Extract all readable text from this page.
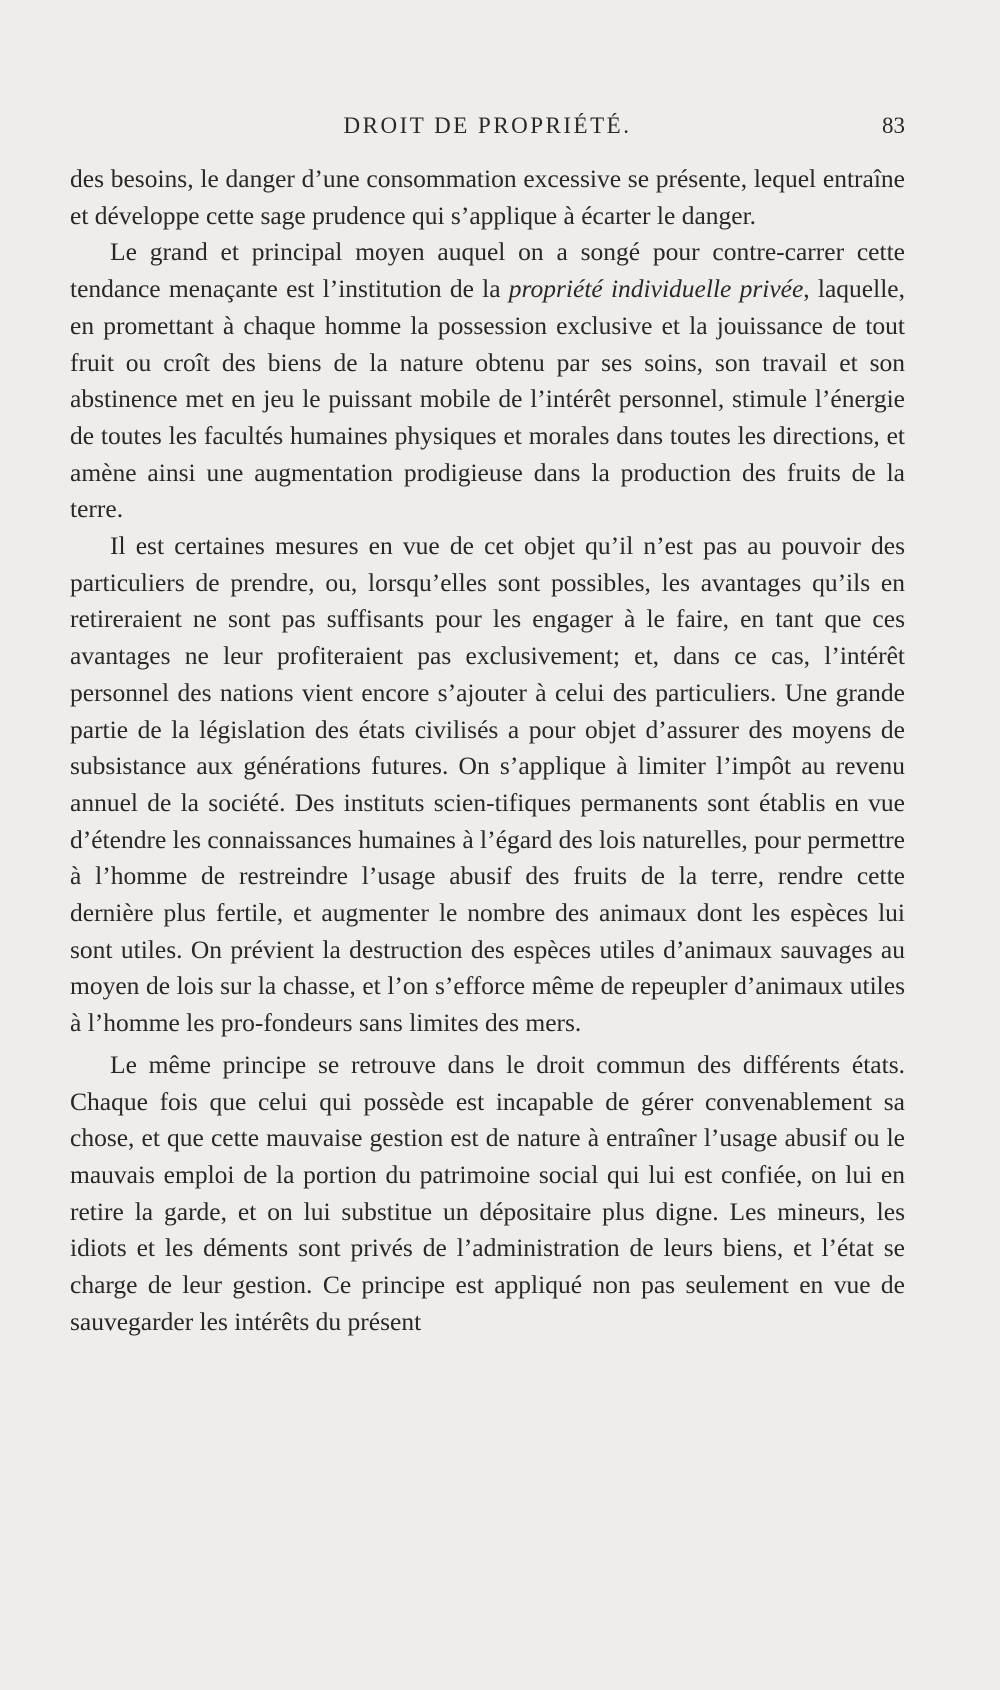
DROIT DE PROPRIÉTÉ.	83

des besoins, le danger d’une consommation excessive se présente, lequel entraîne et développe cette sage prudence qui s’applique à écarter le danger.

Le grand et principal moyen auquel on a songé pour contre-carrer cette tendance menaçante est l’institution de la propriété individuelle privée, laquelle, en promettant à chaque homme la possession exclusive et la jouissance de tout fruit ou croît des biens de la nature obtenu par ses soins, son travail et son abstinence met en jeu le puissant mobile de l’intérêt personnel, stimule l’énergie de toutes les facultés humaines physiques et morales dans toutes les directions, et amène ainsi une augmentation prodigieuse dans la production des fruits de la terre.

Il est certaines mesures en vue de cet objet qu’il n’est pas au pouvoir des particuliers de prendre, ou, lorsqu’elles sont possibles, les avantages qu’ils en retireraient ne sont pas suffisants pour les engager à le faire, en tant que ces avantages ne leur profiteraient pas exclusivement; et, dans ce cas, l’intérêt personnel des nations vient encore s’ajouter à celui des particuliers. Une grande partie de la législation des états civilisés a pour objet d’assurer des moyens de subsistance aux générations futures. On s’applique à limiter l’impôt au revenu annuel de la société. Des instituts scien-tifiques permanents sont établis en vue d’étendre les connaissances humaines à l’égard des lois naturelles, pour permettre à l’homme de restreindre l’usage abusif des fruits de la terre, rendre cette dernière plus fertile, et augmenter le nombre des animaux dont les espèces lui sont utiles. On prévient la destruction des espèces utiles d’animaux sauvages au moyen de lois sur la chasse, et l’on s’efforce même de repeupler d’animaux utiles à l’homme les pro-fondeurs sans limites des mers.

Le même principe se retrouve dans le droit commun des différents états. Chaque fois que celui qui possède est incapable de gérer convenablement sa chose, et que cette mauvaise gestion est de nature à entraîner l’usage abusif ou le mauvais emploi de la portion du patrimoine social qui lui est confiée, on lui en retire la garde, et on lui substitue un dépositaire plus digne. Les mineurs, les idiots et les déments sont privés de l’administration de leurs biens, et l’état se charge de leur gestion. Ce principe est appliqué non pas seulement en vue de sauvegarder les intérêts du présent
